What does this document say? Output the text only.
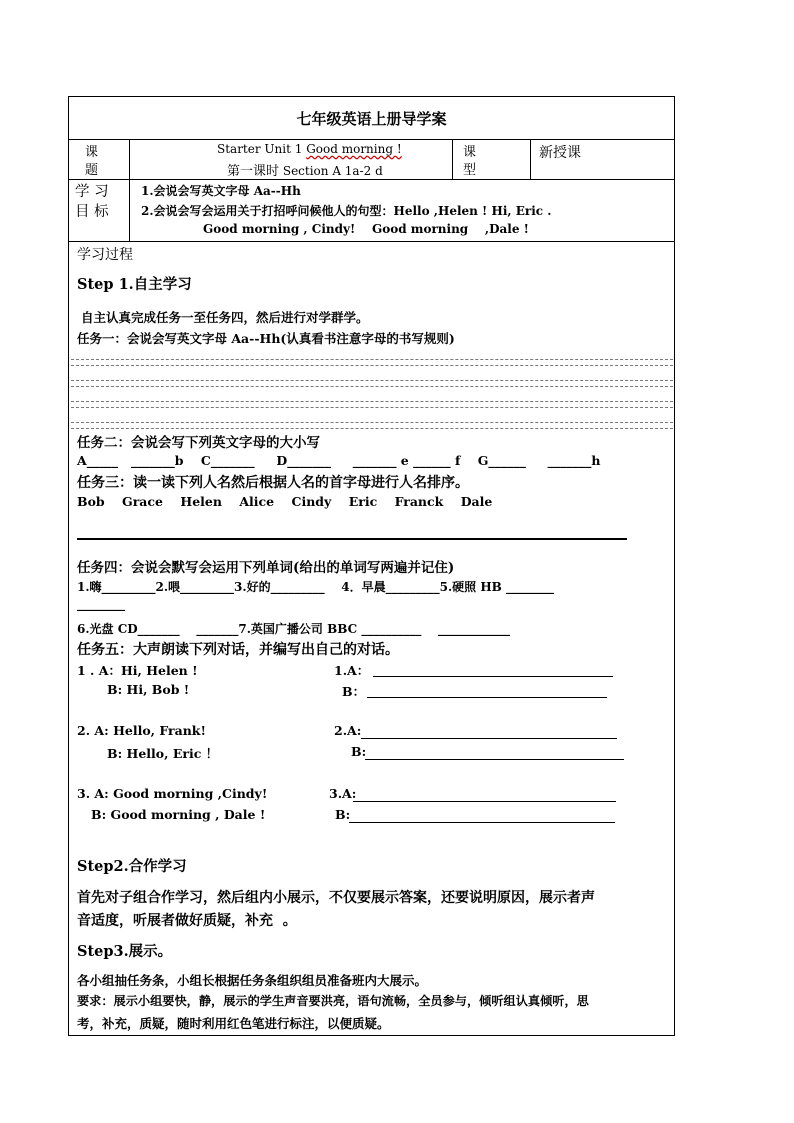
七年级英语上册导学案
课
题
Starter Unit 1 Good morning !
第一课时 Section A 1a-2 d
课
型
新授课
学 习
目 标
1.会说会写英文字母 Aa--Hh
2.会说会写会运用关于打招呼问候他人的句型：Hello ,Helen ! Hi, Eric .
Good morning , Cindy!    Good morning    ,Dale !
学习过程
Step 1.自主学习
自主认真完成任务一至任务四，然后进行对学群学。
任务一：会说会写英文字母 Aa--Hh(认真看书注意字母的书写规则)
任务二：会说会写下列英文字母的大小写
A_____   _______b    C_______     D_______     _______ e ______ f    G______     _______h
任务三：读一读下列人名然后根据人名的首字母进行人名排序。
Bob    Grace    Helen    Alice    Cindy    Eric    Franck    Dale
任务四：会说会默写会运用下列单词(给出的单词写两遍并记住)
1.嗨_________2.喂_________3.好的_________    4．早晨_________5.硬照 HB ________
________
6.光盘 CD_______    _______7.英国广播公司 BBC __________    ____________
任务五：大声朗读下列对话，并编写出自己的对话。
1 . A：Hi, Helen !
B: Hi, Bob !
1.A：
B：
2. A: Hello, Frank!
B: Hello, Eric ！
2.A:
B:
3. A: Good morning ,Cindy!
B: Good morning , Dale !
3.A:
B:
Step2.合作学习
首先对子组合作学习，然后组内小展示，不仅要展示答案，还要说明原因，展示者声
音适度，听展者做好质疑，补充  。
Step3.展示。
各小组抽任务条，小组长根据任务条组织组员准备班内大展示。
要求：展示小组要快，静，展示的学生声音要洪亮，语句流畅，全员参与，倾听组认真倾听，思
考，补充，质疑，随时利用红色笔进行标注，以便质疑。
